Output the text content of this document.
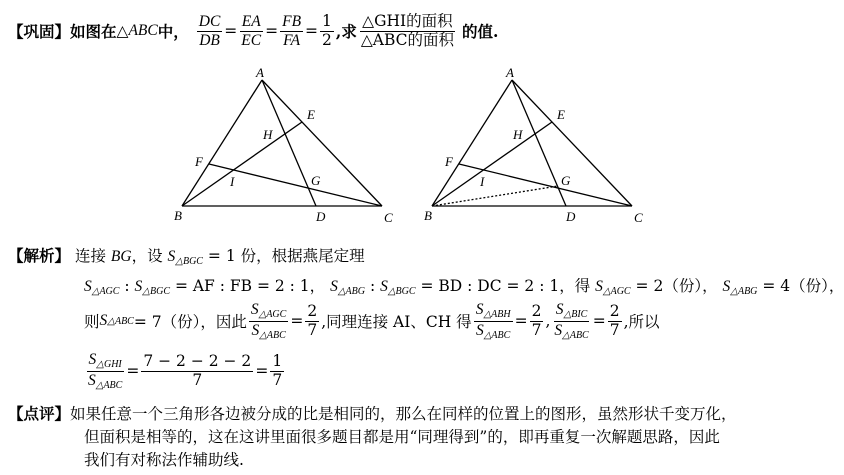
【巩固】 如图在 △ ABC 中， $\frac{DC}{DB} = \frac{EA}{EC} = \frac{FB}{FA} = \frac{1}{2}$ ,求 $\frac{\text{△GHI的面积}}{\text{△ABC的面积}}$ 的值.
A
B	C
D
E
F
G
H
I
A
B	C
D
E
F
G
H
I
【解析】 连接 BG，设 $S_{\triangle BGC} = 1$ 份，根据燕尾定理
$S_{\triangle AGC}$ : $S_{\triangle BGC}$ = AF : FB = 2 : 1， $S_{\triangle ABG}$ : $S_{\triangle BGC}$ = BD : DC = 2 : 1，得 $S_{\triangle AGC} = 2$（份）， $S_{\triangle ABG} = 4$（份），
则 S △ABC = 7（份），因此 $\frac{S_{\triangle AGC}}{S_{\triangle ABC}} = \frac{2}{7}$ ,同理连接 AI、CH 得 $\frac{S_{\triangle ABH}}{S_{\triangle ABC}} = \frac{2}{7}$ , $\frac{S_{\triangle BIC}}{S_{\triangle ABC}} = \frac{2}{7}$ ,所以
$\frac{S_{\triangle GHI}}{S_{\triangle ABC}} = \frac{7 - 2 - 2 - 2}{7} = \frac{1}{7}$
【点评】如果任意一个三角形各边被分成的比是相同的，那么在同样的位置上的图形，虽然形状千变万化，
但面积是相等的，这在这讲里面很多题目都是用“同理得到”的，即再重复一次解题思路，因此
我们有对称法作辅助线.
